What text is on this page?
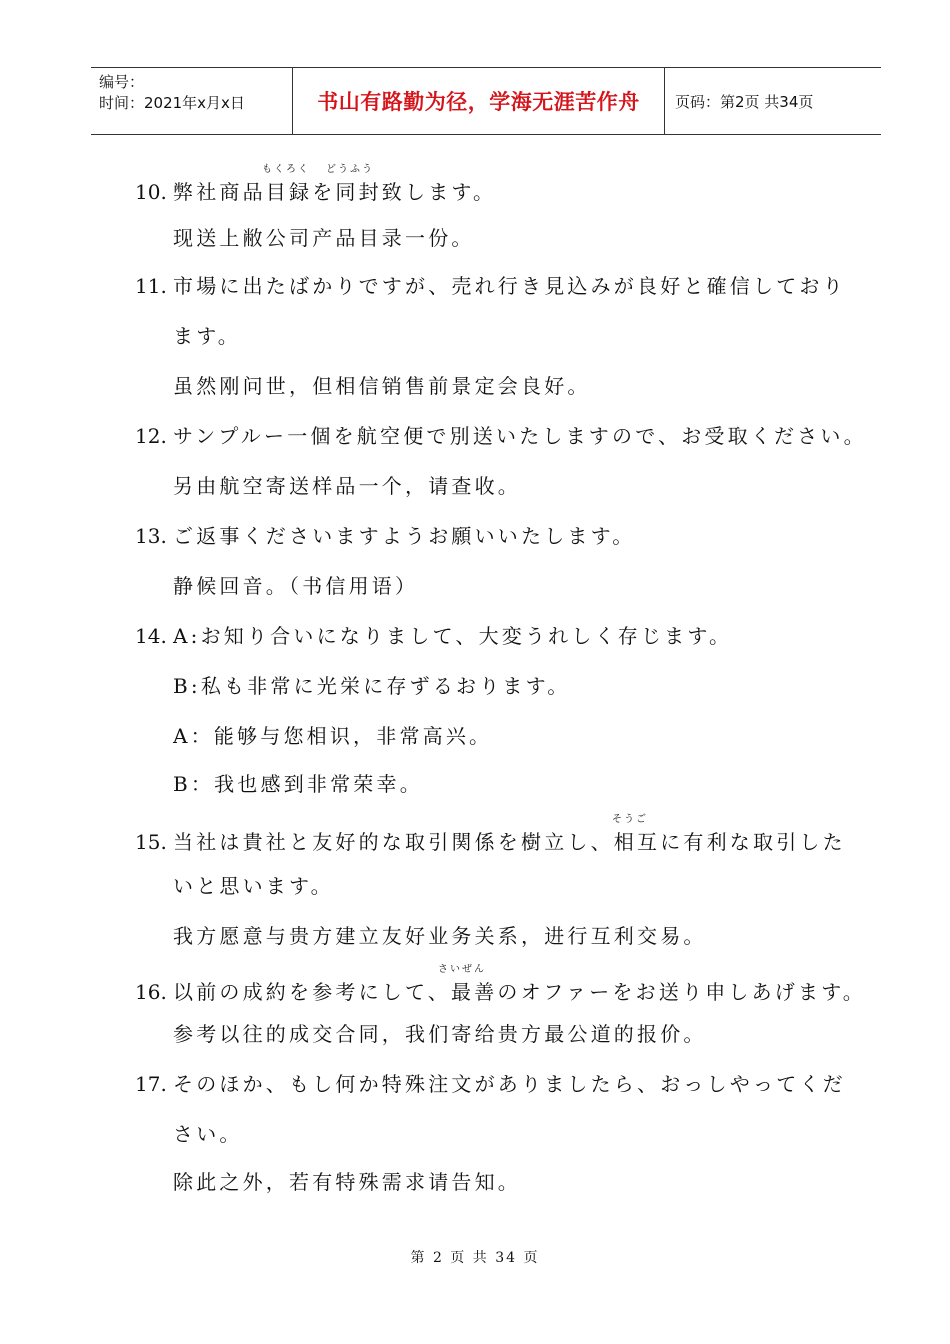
编号：
时间：2021年x月x日	书山有路勤为径，学海无涯苦作舟	页码：第2页 共34页
もくろく どうふう
10. 弊社商品目録を同封致します。
现送上敝公司产品目录一份。
11. 市場に出たばかりですが、売れ行き見込みが良好と確信しており
ます。
虽然刚问世，但相信销售前景定会良好。
12. サンプルー一個を航空便で別送いたしますので、お受取ください。
另由航空寄送样品一个，请查收。
13. ご返事くださいますようお願いいたします。
静候回音。（书信用语）
14. A:お知り合いになりまして、大変うれしく存じます。
B:私も非常に光栄に存ずるおります。
A：能够与您相识，非常高兴。
B：我也感到非常荣幸。
そうご
15. 当社は貴社と友好的な取引関係を樹立し、相互に有利な取引した
いと思います。
我方愿意与贵方建立友好业务关系，进行互利交易。
さいぜん
16. 以前の成約を参考にして、最善のオファーをお送り申しあげます。
参考以往的成交合同，我们寄给贵方最公道的报价。
17. そのほか、もし何か特殊注文がありましたら、おっしやってくだ
さい。
除此之外，若有特殊需求请告知。
第 2 页 共 34 页
